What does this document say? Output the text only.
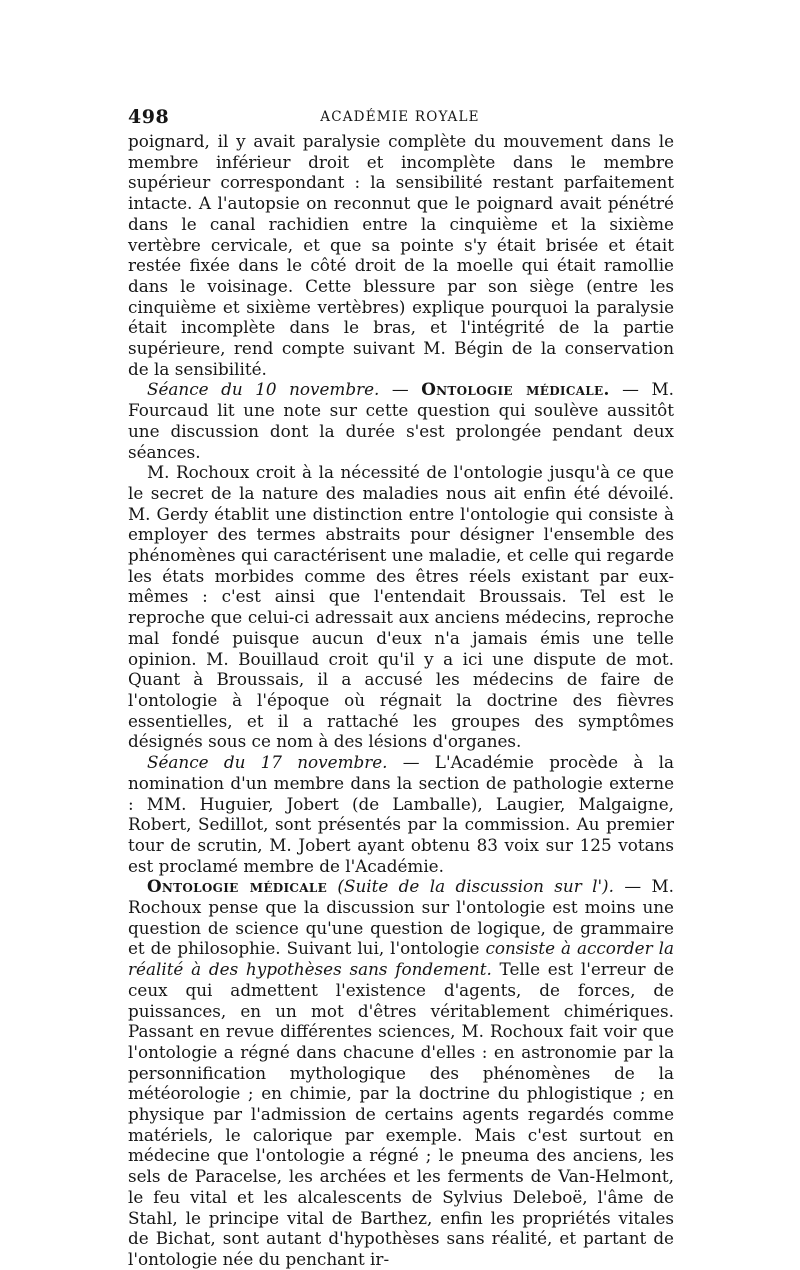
498	ACADÉMIE ROYALE

poignard, il y avait paralysie complète du mouvement dans le membre inférieur droit et incomplète dans le membre supérieur correspondant : la sensibilité restant parfaitement intacte. A l'autopsie on reconnut que le poignard avait pénétré dans le canal rachidien entre la cinquième et la sixième vertèbre cervicale, et que sa pointe s'y était brisée et était restée fixée dans le côté droit de la moelle qui était ramollie dans le voisinage. Cette blessure par son siège (entre les cinquième et sixième vertèbres) explique pourquoi la paralysie était incomplète dans le bras, et l'intégrité de la partie supérieure, rend compte suivant M. Bégin de la conservation de la sensibilité.

Séance du 10 novembre. — Ontologie médicale. — M. Fourcaud lit une note sur cette question qui soulève aussitôt une discussion dont la durée s'est prolongée pendant deux séances.

M. Rochoux croit à la nécessité de l'ontologie jusqu'à ce que le secret de la nature des maladies nous ait enfin été dévoilé. M. Gerdy établit une distinction entre l'ontologie qui consiste à employer des termes abstraits pour désigner l'ensemble des phénomènes qui caractérisent une maladie, et celle qui regarde les états morbides comme des êtres réels existant par eux-mêmes : c'est ainsi que l'entendait Broussais. Tel est le reproche que celui-ci adressait aux anciens médecins, reproche mal fondé puisque aucun d'eux n'a jamais émis une telle opinion. M. Bouillaud croit qu'il y a ici une dispute de mot. Quant à Broussais, il a accusé les médecins de faire de l'ontologie à l'époque où régnait la doctrine des fièvres essentielles, et il a rattaché les groupes des symptômes désignés sous ce nom à des lésions d'organes.

Séance du 17 novembre. — L'Académie procède à la nomination d'un membre dans la section de pathologie externe : MM. Huguier, Jobert (de Lamballe), Laugier, Malgaigne, Robert, Sedillot, sont présentés par la commission. Au premier tour de scrutin, M. Jobert ayant obtenu 83 voix sur 125 votans est proclamé membre de l'Académie.

Ontologie médicale (Suite de la discussion sur l'). — M. Rochoux pense que la discussion sur l'ontologie est moins une question de science qu'une question de logique, de grammaire et de philosophie. Suivant lui, l'ontologie consiste à accorder la réalité à des hypothèses sans fondement. Telle est l'erreur de ceux qui admettent l'existence d'agents, de forces, de puissances, en un mot d'êtres véritablement chimériques. Passant en revue différentes sciences, M. Rochoux fait voir que l'ontologie a régné dans chacune d'elles : en astronomie par la personnification mythologique des phénomènes de la météorologie ; en chimie, par la doctrine du phlogistique ; en physique par l'admission de certains agents regardés comme matériels, le calorique par exemple. Mais c'est surtout en médecine que l'ontologie a régné ; le pneuma des anciens, les sels de Paracelse, les archées et les ferments de Van-Helmont, le feu vital et les alcalescents de Sylvius Deleboë, l'âme de Stahl, le principe vital de Barthez, enfin les propriétés vitales de Bichat, sont autant d'hypothèses sans réalité, et partant de l'ontologie née du penchant ir-
